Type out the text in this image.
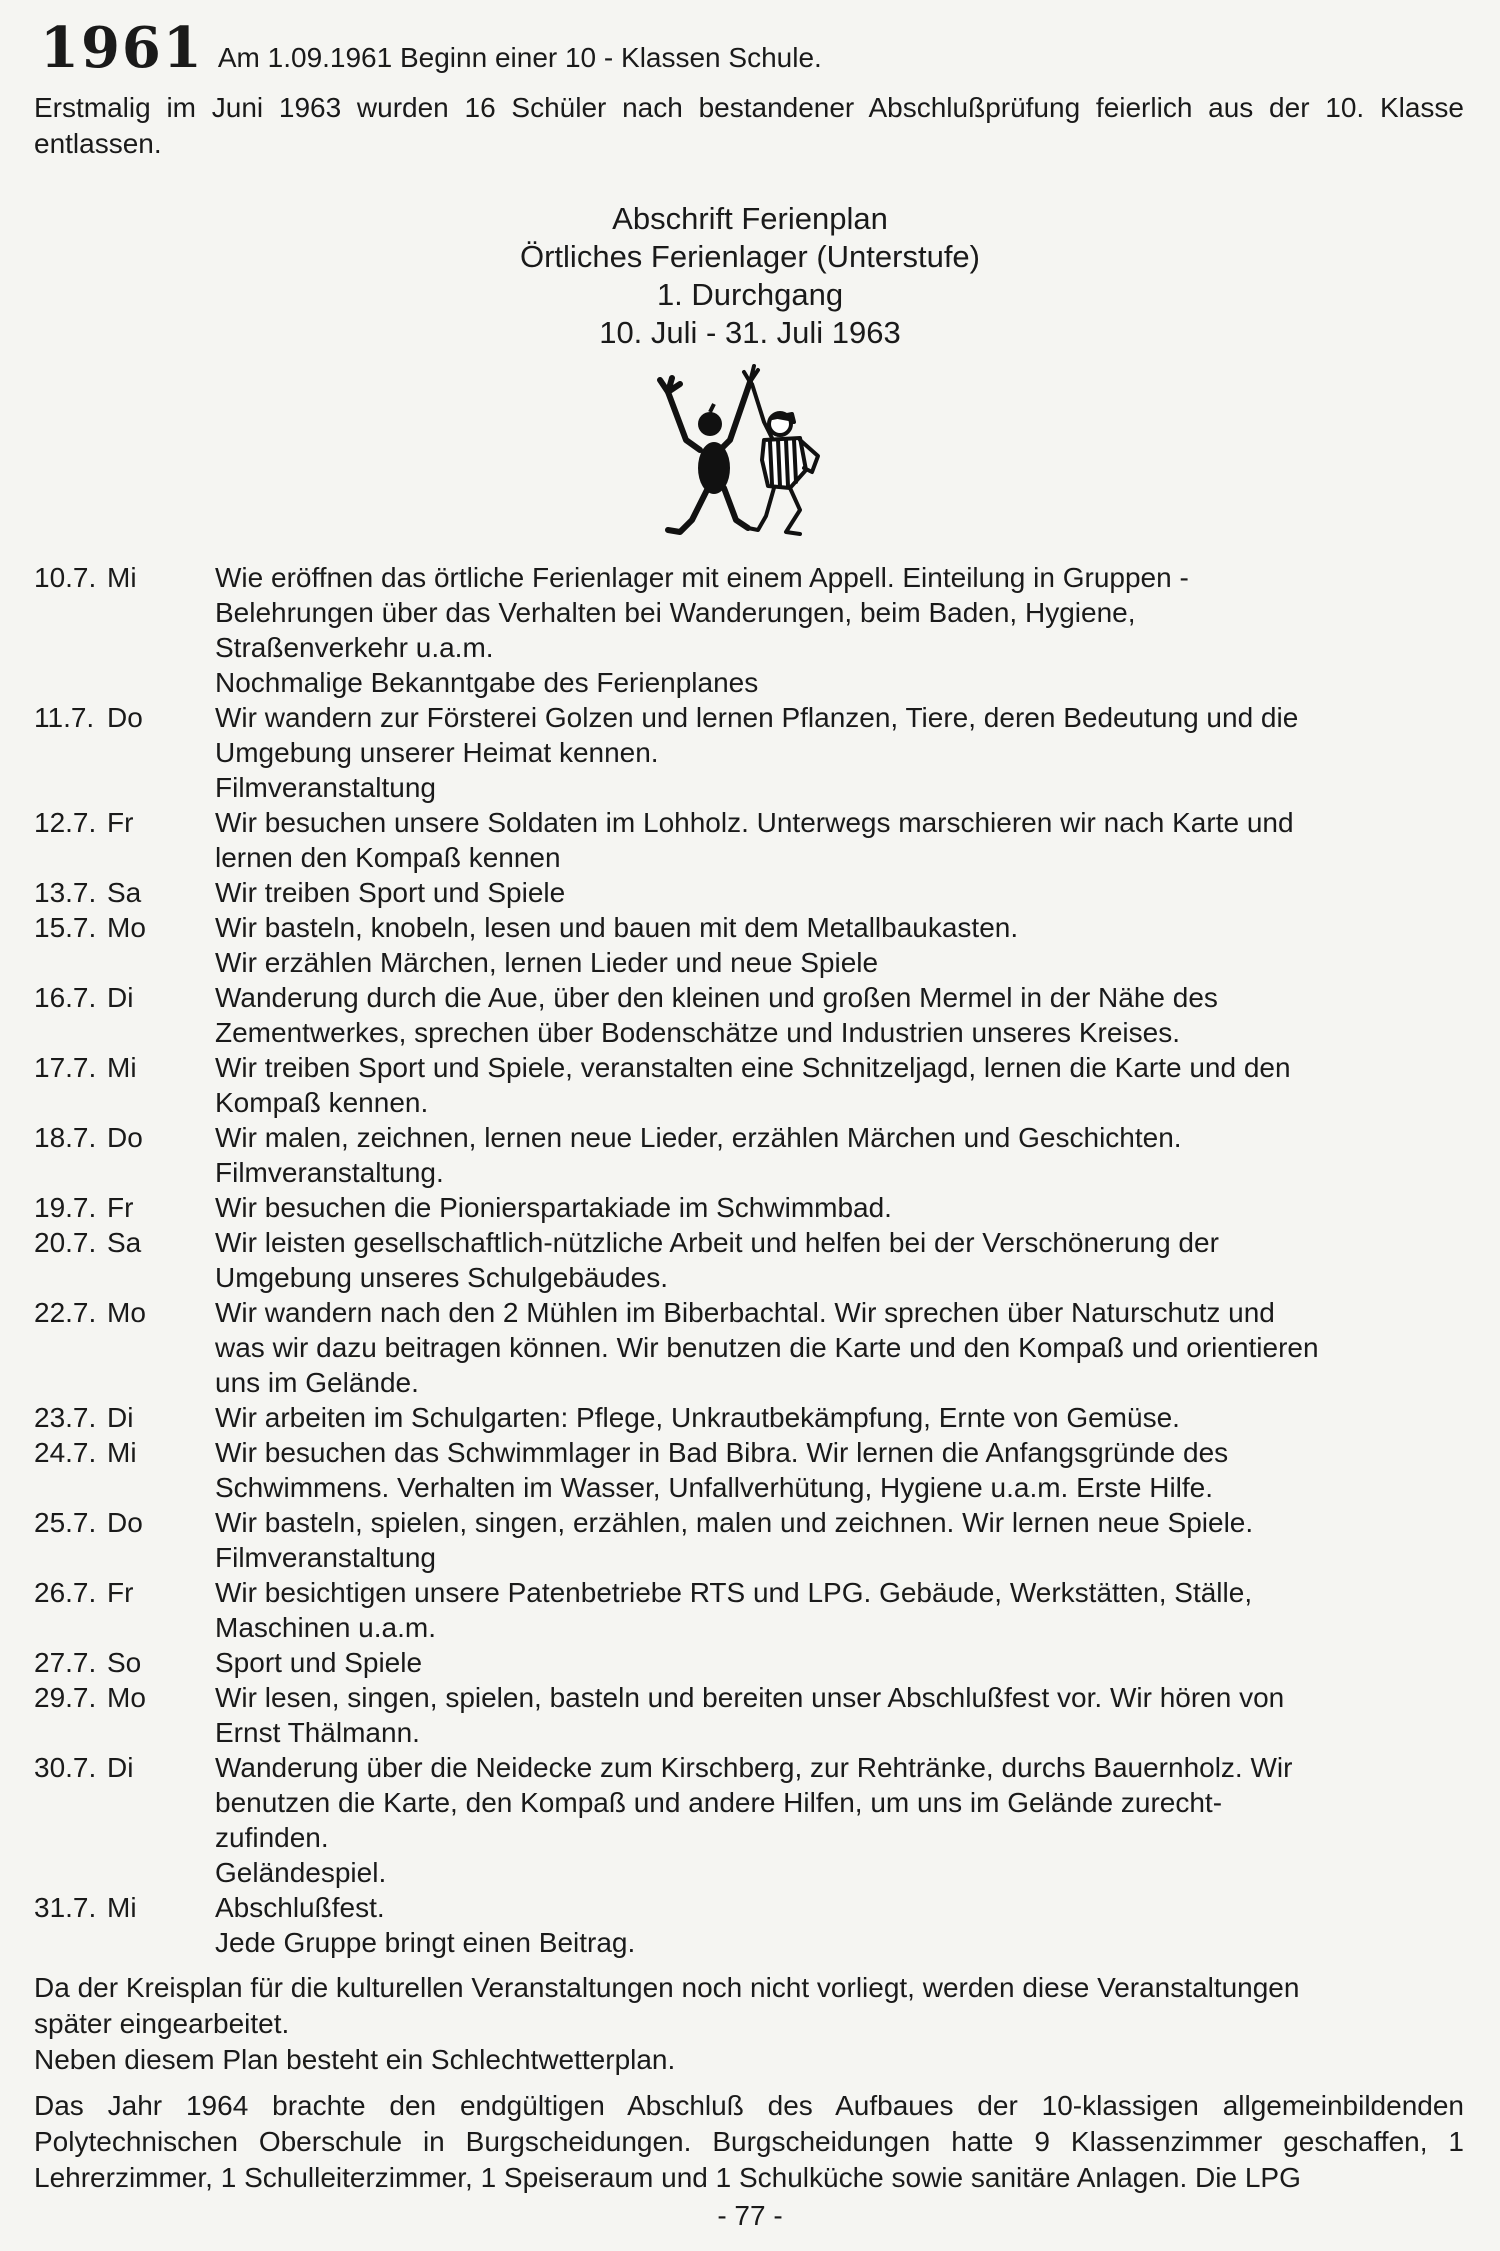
1961 Am 1.09.1961 Beginn einer 10 - Klassen Schule.
Erstmalig im Juni 1963 wurden 16 Schüler nach bestandener Abschlußprüfung feierlich aus der 10. Klasse entlassen.
Abschrift Ferienplan
Örtliches Ferienlager (Unterstufe)
1. Durchgang
10. Juli - 31. Juli 1963
10.7. Mi	Wie eröffnen das örtliche Ferienlager mit einem Appell. Einteilung in Gruppen -
Belehrungen über das Verhalten bei Wanderungen, beim Baden, Hygiene,
Straßenverkehr u.a.m.
Nochmalige Bekanntgabe des Ferienplanes
11.7. Do	Wir wandern zur Försterei Golzen und lernen Pflanzen, Tiere, deren Bedeutung und die
Umgebung unserer Heimat kennen.
Filmveranstaltung
12.7. Fr	Wir besuchen unsere Soldaten im Lohholz. Unterwegs marschieren wir nach Karte und
lernen den Kompaß kennen
13.7. Sa	Wir treiben Sport und Spiele
15.7. Mo	Wir basteln, knobeln, lesen und bauen mit dem Metallbaukasten.
Wir erzählen Märchen, lernen Lieder und neue Spiele
16.7. Di	Wanderung durch die Aue, über den kleinen und großen Mermel in der Nähe des
Zementwerkes, sprechen über Bodenschätze und Industrien unseres Kreises.
17.7. Mi	Wir treiben Sport und Spiele, veranstalten eine Schnitzeljagd, lernen die Karte und den
Kompaß kennen.
18.7. Do	Wir malen, zeichnen, lernen neue Lieder, erzählen Märchen und Geschichten.
Filmveranstaltung.
19.7. Fr	Wir besuchen die Pionierspartakiade im Schwimmbad.
20.7. Sa	Wir leisten gesellschaftlich-nützliche Arbeit und helfen bei der Verschönerung der
Umgebung unseres Schulgebäudes.
22.7. Mo	Wir wandern nach den 2 Mühlen im Biberbachtal. Wir sprechen über Naturschutz und
was wir dazu beitragen können. Wir benutzen die Karte und den Kompaß und orientieren
uns im Gelände.
23.7. Di	Wir arbeiten im Schulgarten: Pflege, Unkrautbekämpfung, Ernte von Gemüse.
24.7. Mi	Wir besuchen das Schwimmlager in Bad Bibra. Wir lernen die Anfangsgründe des
Schwimmens. Verhalten im Wasser, Unfallverhütung, Hygiene u.a.m. Erste Hilfe.
25.7. Do	Wir basteln, spielen, singen, erzählen, malen und zeichnen. Wir lernen neue Spiele.
Filmveranstaltung
26.7. Fr	Wir besichtigen unsere Patenbetriebe RTS und LPG. Gebäude, Werkstätten, Ställe,
Maschinen u.a.m.
27.7. So	Sport und Spiele
29.7. Mo	Wir lesen, singen, spielen, basteln und bereiten unser Abschlußfest vor. Wir hören von
Ernst Thälmann.
30.7. Di	Wanderung über die Neidecke zum Kirschberg, zur Rehtränke, durchs Bauernholz. Wir
benutzen die Karte, den Kompaß und andere Hilfen, um uns im Gelände zurecht-
zufinden.
Geländespiel.
31.7. Mi	Abschlußfest.
Jede Gruppe bringt einen Beitrag.
Da der Kreisplan für die kulturellen Veranstaltungen noch nicht vorliegt, werden diese Veranstaltungen
später eingearbeitet.
Neben diesem Plan besteht ein Schlechtwetterplan.
Das Jahr 1964 brachte den endgültigen Abschluß des Aufbaues der 10-klassigen allgemeinbildenden Polytechnischen Oberschule in Burgscheidungen. Burgscheidungen hatte 9 Klassenzimmer geschaffen, 1 Lehrerzimmer, 1 Schulleiterzimmer, 1 Speiseraum und 1 Schulküche sowie sanitäre Anlagen. Die LPG
- 77 -
